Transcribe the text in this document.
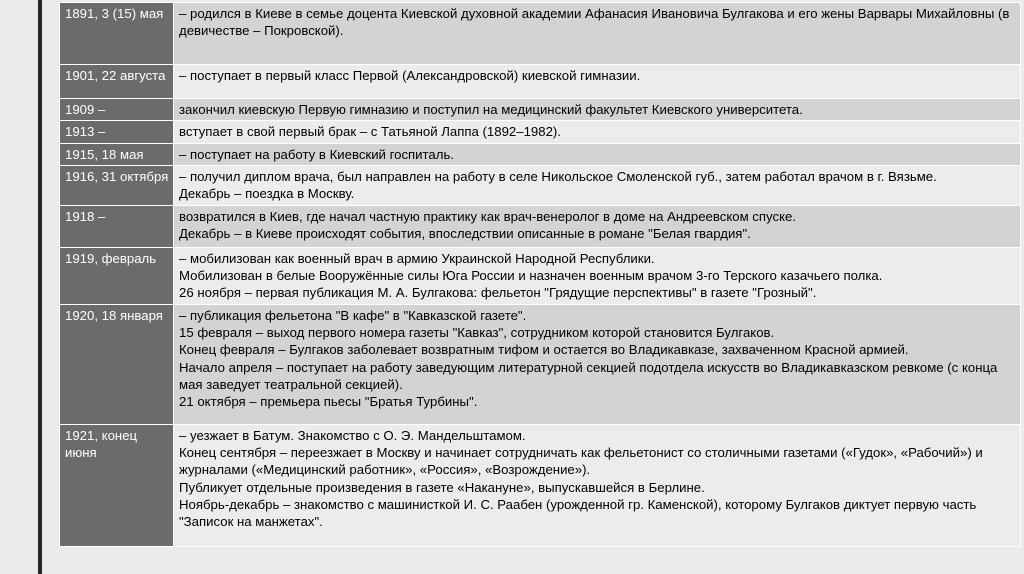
1891, 3 (15) мая	– родился в Киеве в семье доцента Киевской духовной академии Афанасия Ивановича Булгакова и его жены Варвары Михайловны (в девичестве – Покровской).

1901, 22 августа	– поступает в первый класс Первой (Александровской) киевской гимназии.

1909 –	закончил киевскую Первую гимназию и поступил на медицинский факультет Киевского университета.

1913 –	вступает в свой первый брак – с Татьяной Лаппа (1892–1982).

1915, 18 мая	– поступает на работу в Киевский госпиталь.

1916, 31 октября	– получил диплом врача, был направлен на работу в селе Никольское Смоленской губ., затем работал врачом в г. Вязьме.
Декабрь – поездка в Москву.

1918 –	возвратился в Киев, где начал частную практику как врач-венеролог в доме на Андреевском спуске.
Декабрь – в Киеве происходят события, впоследствии описанные в романе "Белая гвардия".

1919, февраль	– мобилизован как военный врач в армию Украинской Народной Республики.
Мобилизован в белые Вооружённые силы Юга России и назначен военным врачом 3-го Терского казачьего полка.
26 ноября – первая публикация М. А. Булгакова: фельетон "Грядущие перспективы" в газете "Грозный".

1920, 18 января	– публикация фельетона "В кафе" в "Кавказской газете".
15 февраля – выход первого номера газеты "Кавказ", сотрудником которой становится Булгаков.
Конец февраля – Булгаков заболевает возвратным тифом и остается во Владикавказе, захваченном Красной армией.
Начало апреля – поступает на работу заведующим литературной секцией подотдела искусств во Владикавказском ревкоме (с конца мая заведует театральной секцией).
21 октября – премьера пьесы "Братья Турбины".

1921, конец июня	– уезжает в Батум. Знакомство с О. Э. Мандельштамом.
Конец сентября – переезжает в Москву и начинает сотрудничать как фельетонист со столичными газетами («Гудок», «Рабочий») и журналами («Медицинский работник», «Россия», «Возрождение»).
Публикует отдельные произведения в газете «Накануне», выпускавшейся в Берлине.
Ноябрь-декабрь – знакомство с машинисткой И. С. Раабен (урожденной гр. Каменской), которому Булгаков диктует первую часть "Записок на манжетах".
